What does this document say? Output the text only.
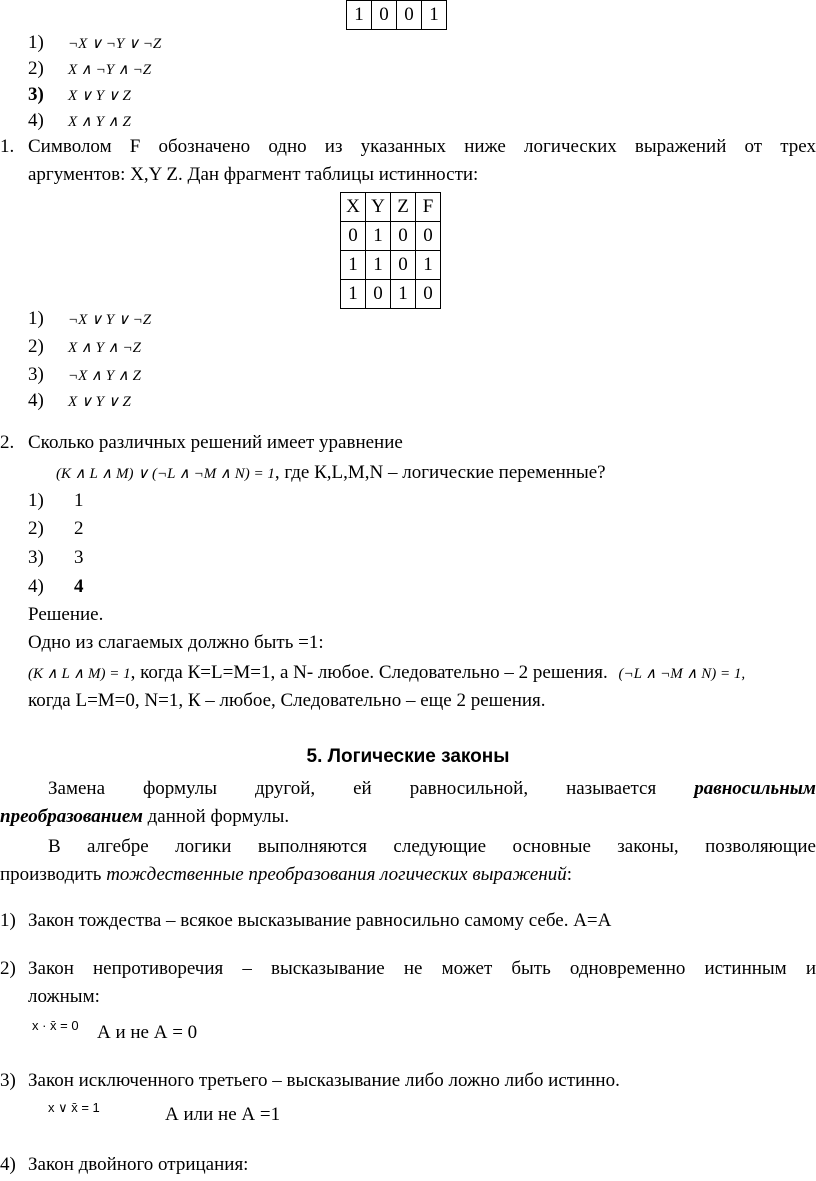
1	0	0	1
1) ¬X ∨ ¬Y ∨ ¬Z
2) X ∧ ¬Y ∧ ¬Z
3) X ∨ Y ∨ Z
4) X ∧ Y ∧ Z
1. Символом F обозначено одно из указанных ниже логических выражений от трех
аргументов: X,Y Z. Дан фрагмент таблицы истинности:
X	Y	Z	F
0	1	0	0
1	1	0	1
1	0	1	0
1) ¬X ∨ Y ∨ ¬Z
2) X ∧ Y ∧ ¬Z
3) ¬X ∧ Y ∧ Z
4) X ∨ Y ∨ Z
2. Сколько различных решений имеет уравнение
(K ∧ L ∧ M) ∨ (¬L ∧ ¬M ∧ N) = 1, где К,L,M,N – логические переменные?
1) 1
2) 2
3) 3
4) 4
Решение.
Одно из слагаемых должно быть =1:
(K ∧ L ∧ M) = 1, когда К=L=M=1, а N- любое. Следовательно – 2 решения. (¬L ∧ ¬M ∧ N) = 1,
когда L=M=0, N=1, К – любое, Следовательно – еще 2 решения.
5. Логические законы
Замена формулы другой, ей равносильной, называется равносильным
преобразованием данной формулы.
В алгебре логики выполняются следующие основные законы, позволяющие
производить тождественные преобразования логических выражений:
1) Закон тождества – всякое высказывание равносильно самому себе. А=А
2) Закон непротиворечия – высказывание не может быть одновременно истинным и
ложным:
x · x̄ = 0 А и не А = 0
3) Закон исключенного третьего – высказывание либо ложно либо истинно.
x ∨ x̄ = 1	А или не А =1
4) Закон двойного отрицания:
